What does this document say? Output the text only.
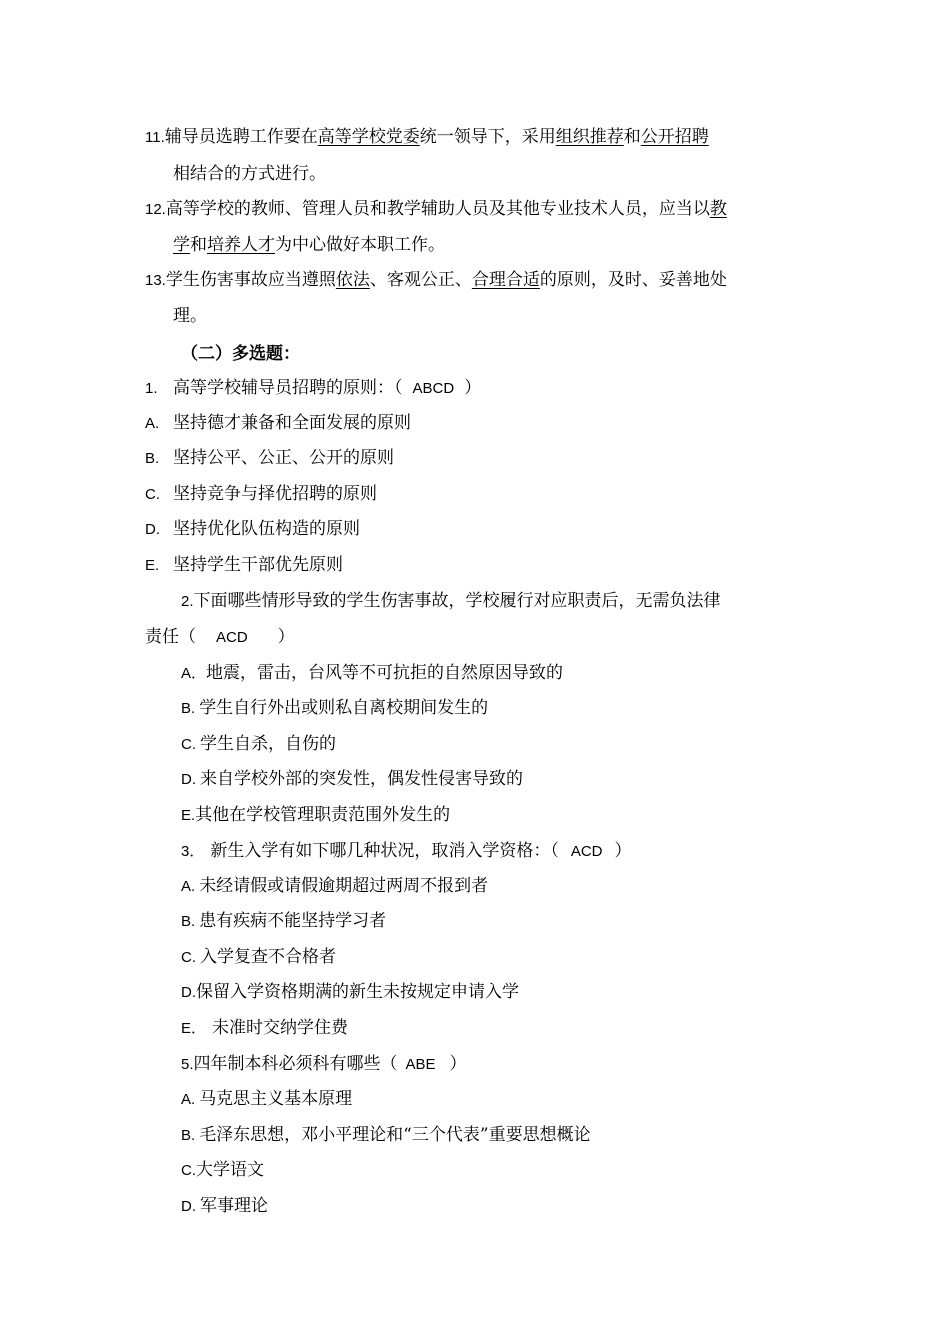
11.辅导员选聘工作要在高等学校党委统一领导下，采用组织推荐和公开招聘
相结合的方式进行。
12.高等学校的教师、管理人员和教学辅助人员及其他专业技术人员，应当以教
学和培养人才为中心做好本职工作。
13.学生伤害事故应当遵照依法、客观公正、合理合适的原则，及时、妥善地处
理。
（二）多选题：
1. 高等学校辅导员招聘的原则：（ ABCD ）
A. 坚持德才兼备和全面发展的原则
B. 坚持公平、公正、公开的原则
C. 坚持竞争与择优招聘的原则
D. 坚持优化队伍构造的原则
E. 坚持学生干部优先原则
2.下面哪些情形导致的学生伤害事故，学校履行对应职责后，无需负法律
责任（ ACD ）
A．地震，雷击，台风等不可抗拒的自然原因导致的
B. 学生自行外出或则私自离校期间发生的
C. 学生自杀，自伤的
D. 来自学校外部的突发性，偶发性侵害导致的
E.其他在学校管理职责范围外发生的
3． 新生入学有如下哪几种状况，取消入学资格：（ ACD ）
A. 未经请假或请假逾期超过两周不报到者
B. 患有疾病不能坚持学习者
C. 入学复查不合格者
D.保留入学资格期满的新生未按规定申请入学
E． 未准时交纳学住费
5.四年制本科必须科有哪些（ ABE ）
A. 马克思主义基本原理
B. 毛泽东思想，邓小平理论和“三个代表”重要思想概论
C.大学语文
D. 军事理论
